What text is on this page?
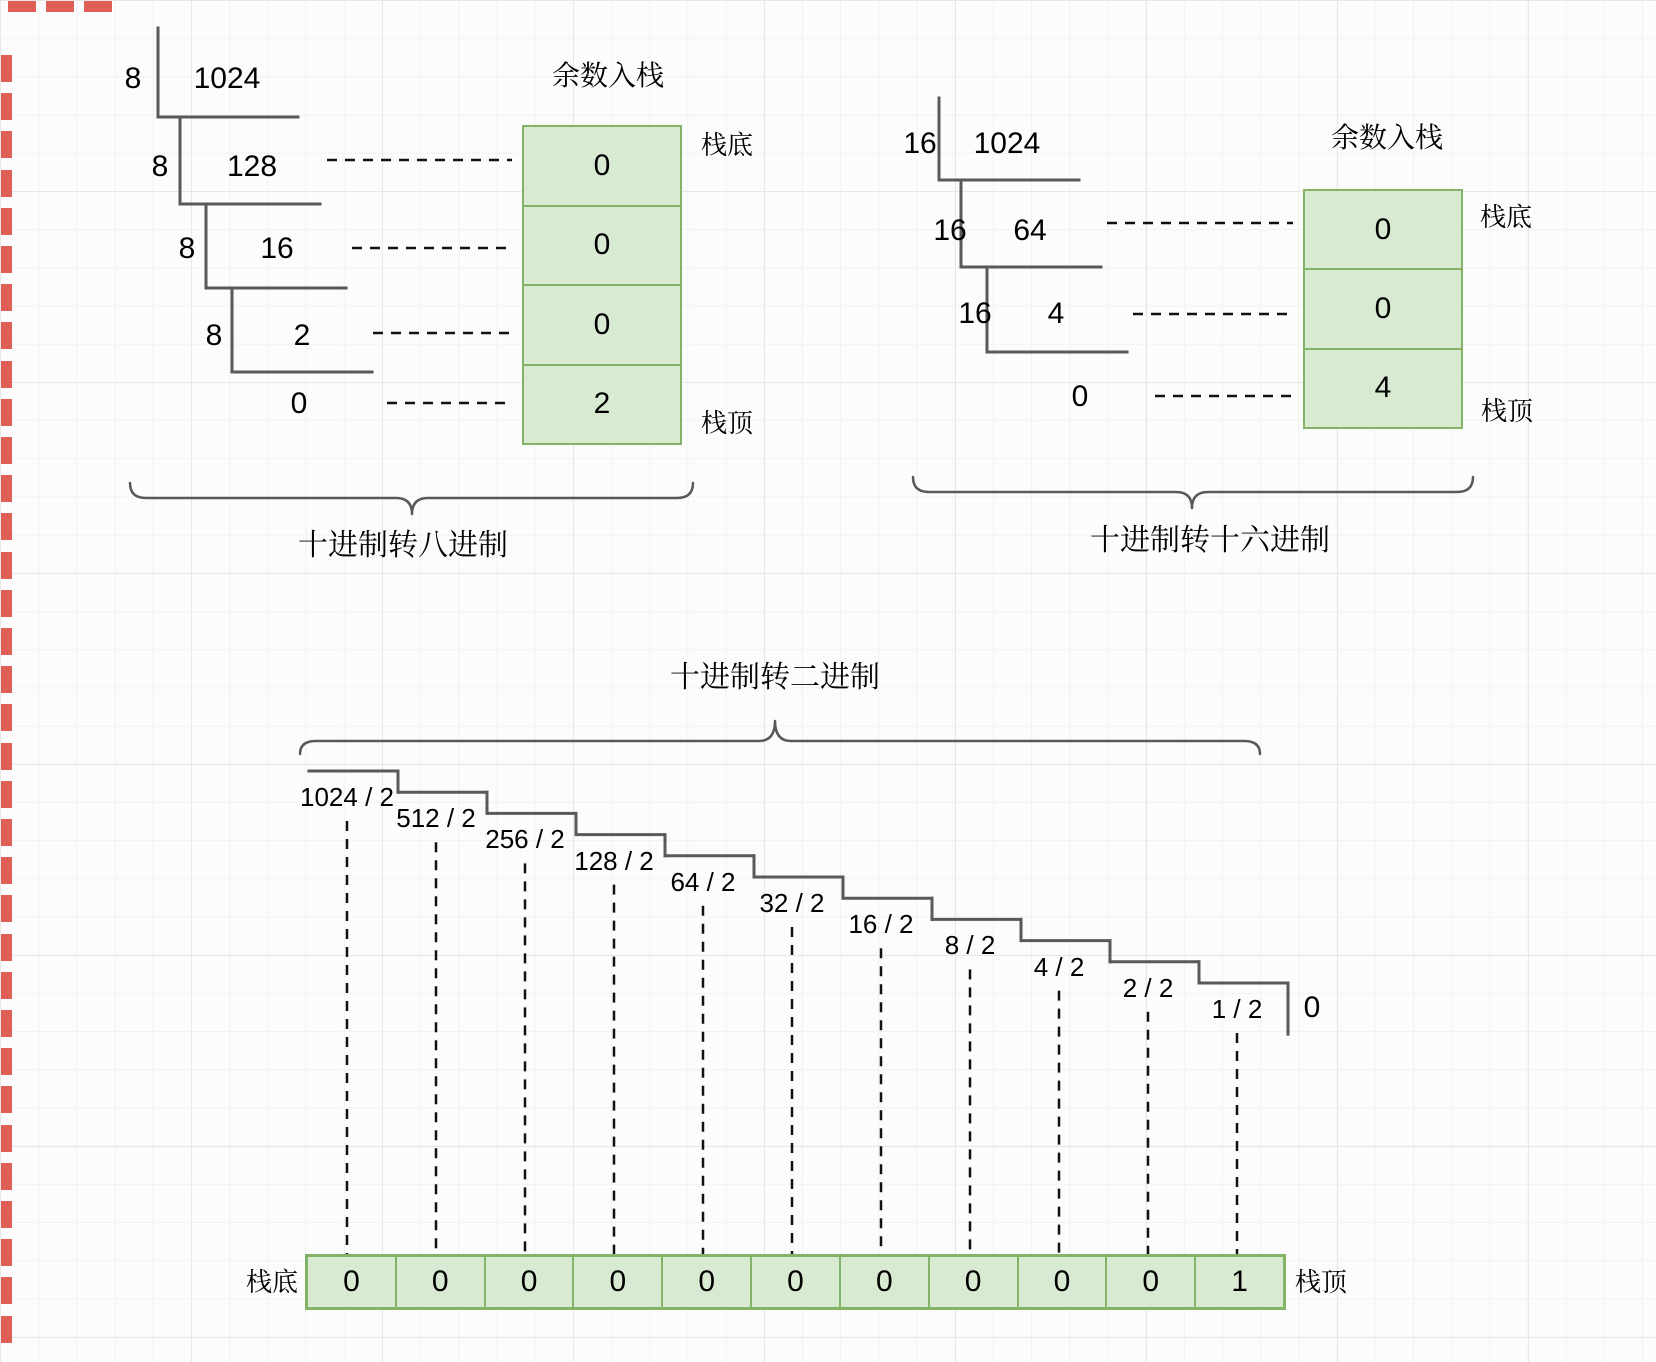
余数入栈
栈底
栈顶
十进制转八进制
余数入栈
栈底
栈顶
十进制转十六进制
十进制转二进制
栈底	栈顶
8 1024
8 128
8 16
8 2
0
16 1024
16 64
16 4
0
0
0
0
2
0
0
4
1024 / 2
512 / 2
256 / 2
128 / 2
64 / 2
32 / 2
16 / 2
8 / 2
4 / 2
2 / 2
1 / 2 0
0	0	0	0	0	0	0	0	0	0	1
